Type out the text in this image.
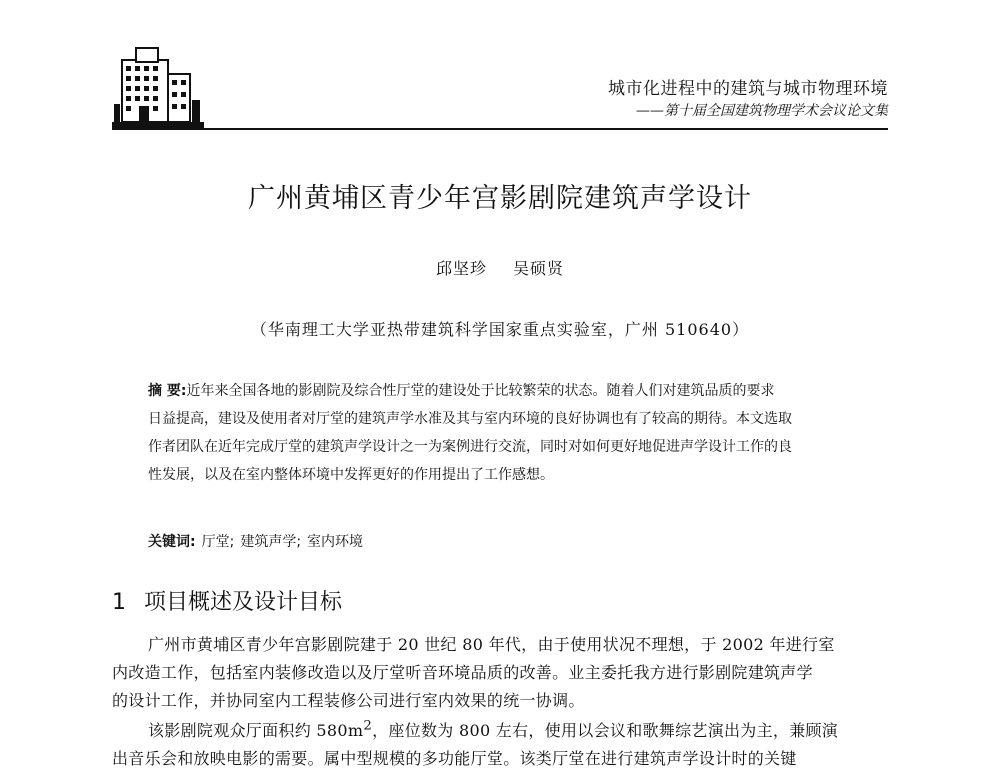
城市化进程中的建筑与城市物理环境
——第十届全国建筑物理学术会议论文集
广州黄埔区青少年宫影剧院建筑声学设计
邱坚珍 吴硕贤
（华南理工大学亚热带建筑科学国家重点实验室，广州 510640）
摘 要:近年来全国各地的影剧院及综合性厅堂的建设处于比较繁荣的状态。随着人们对建筑品质的要求
日益提高，建设及使用者对厅堂的建筑声学水准及其与室内环境的良好协调也有了较高的期待。本文选取
作者团队在近年完成厅堂的建筑声学设计之一为案例进行交流，同时对如何更好地促进声学设计工作的良
性发展，以及在室内整体环境中发挥更好的作用提出了工作感想。
关键词: 厅堂; 建筑声学; 室内环境
1 项目概述及设计目标
广州市黄埔区青少年宫影剧院建于 20 世纪 80 年代，由于使用状况不理想，于 2002 年进行室
内改造工作，包括室内装修改造以及厅堂听音环境品质的改善。业主委托我方进行影剧院建筑声学
的设计工作，并协同室内工程装修公司进行室内效果的统一协调。
该影剧院观众厅面积约 $580m^2$，座位数为 800 左右，使用以会议和歌舞综艺演出为主，兼顾演
出音乐会和放映电影的需要。属中型规模的多功能厅堂。该类厅堂在进行建筑声学设计时的关键
